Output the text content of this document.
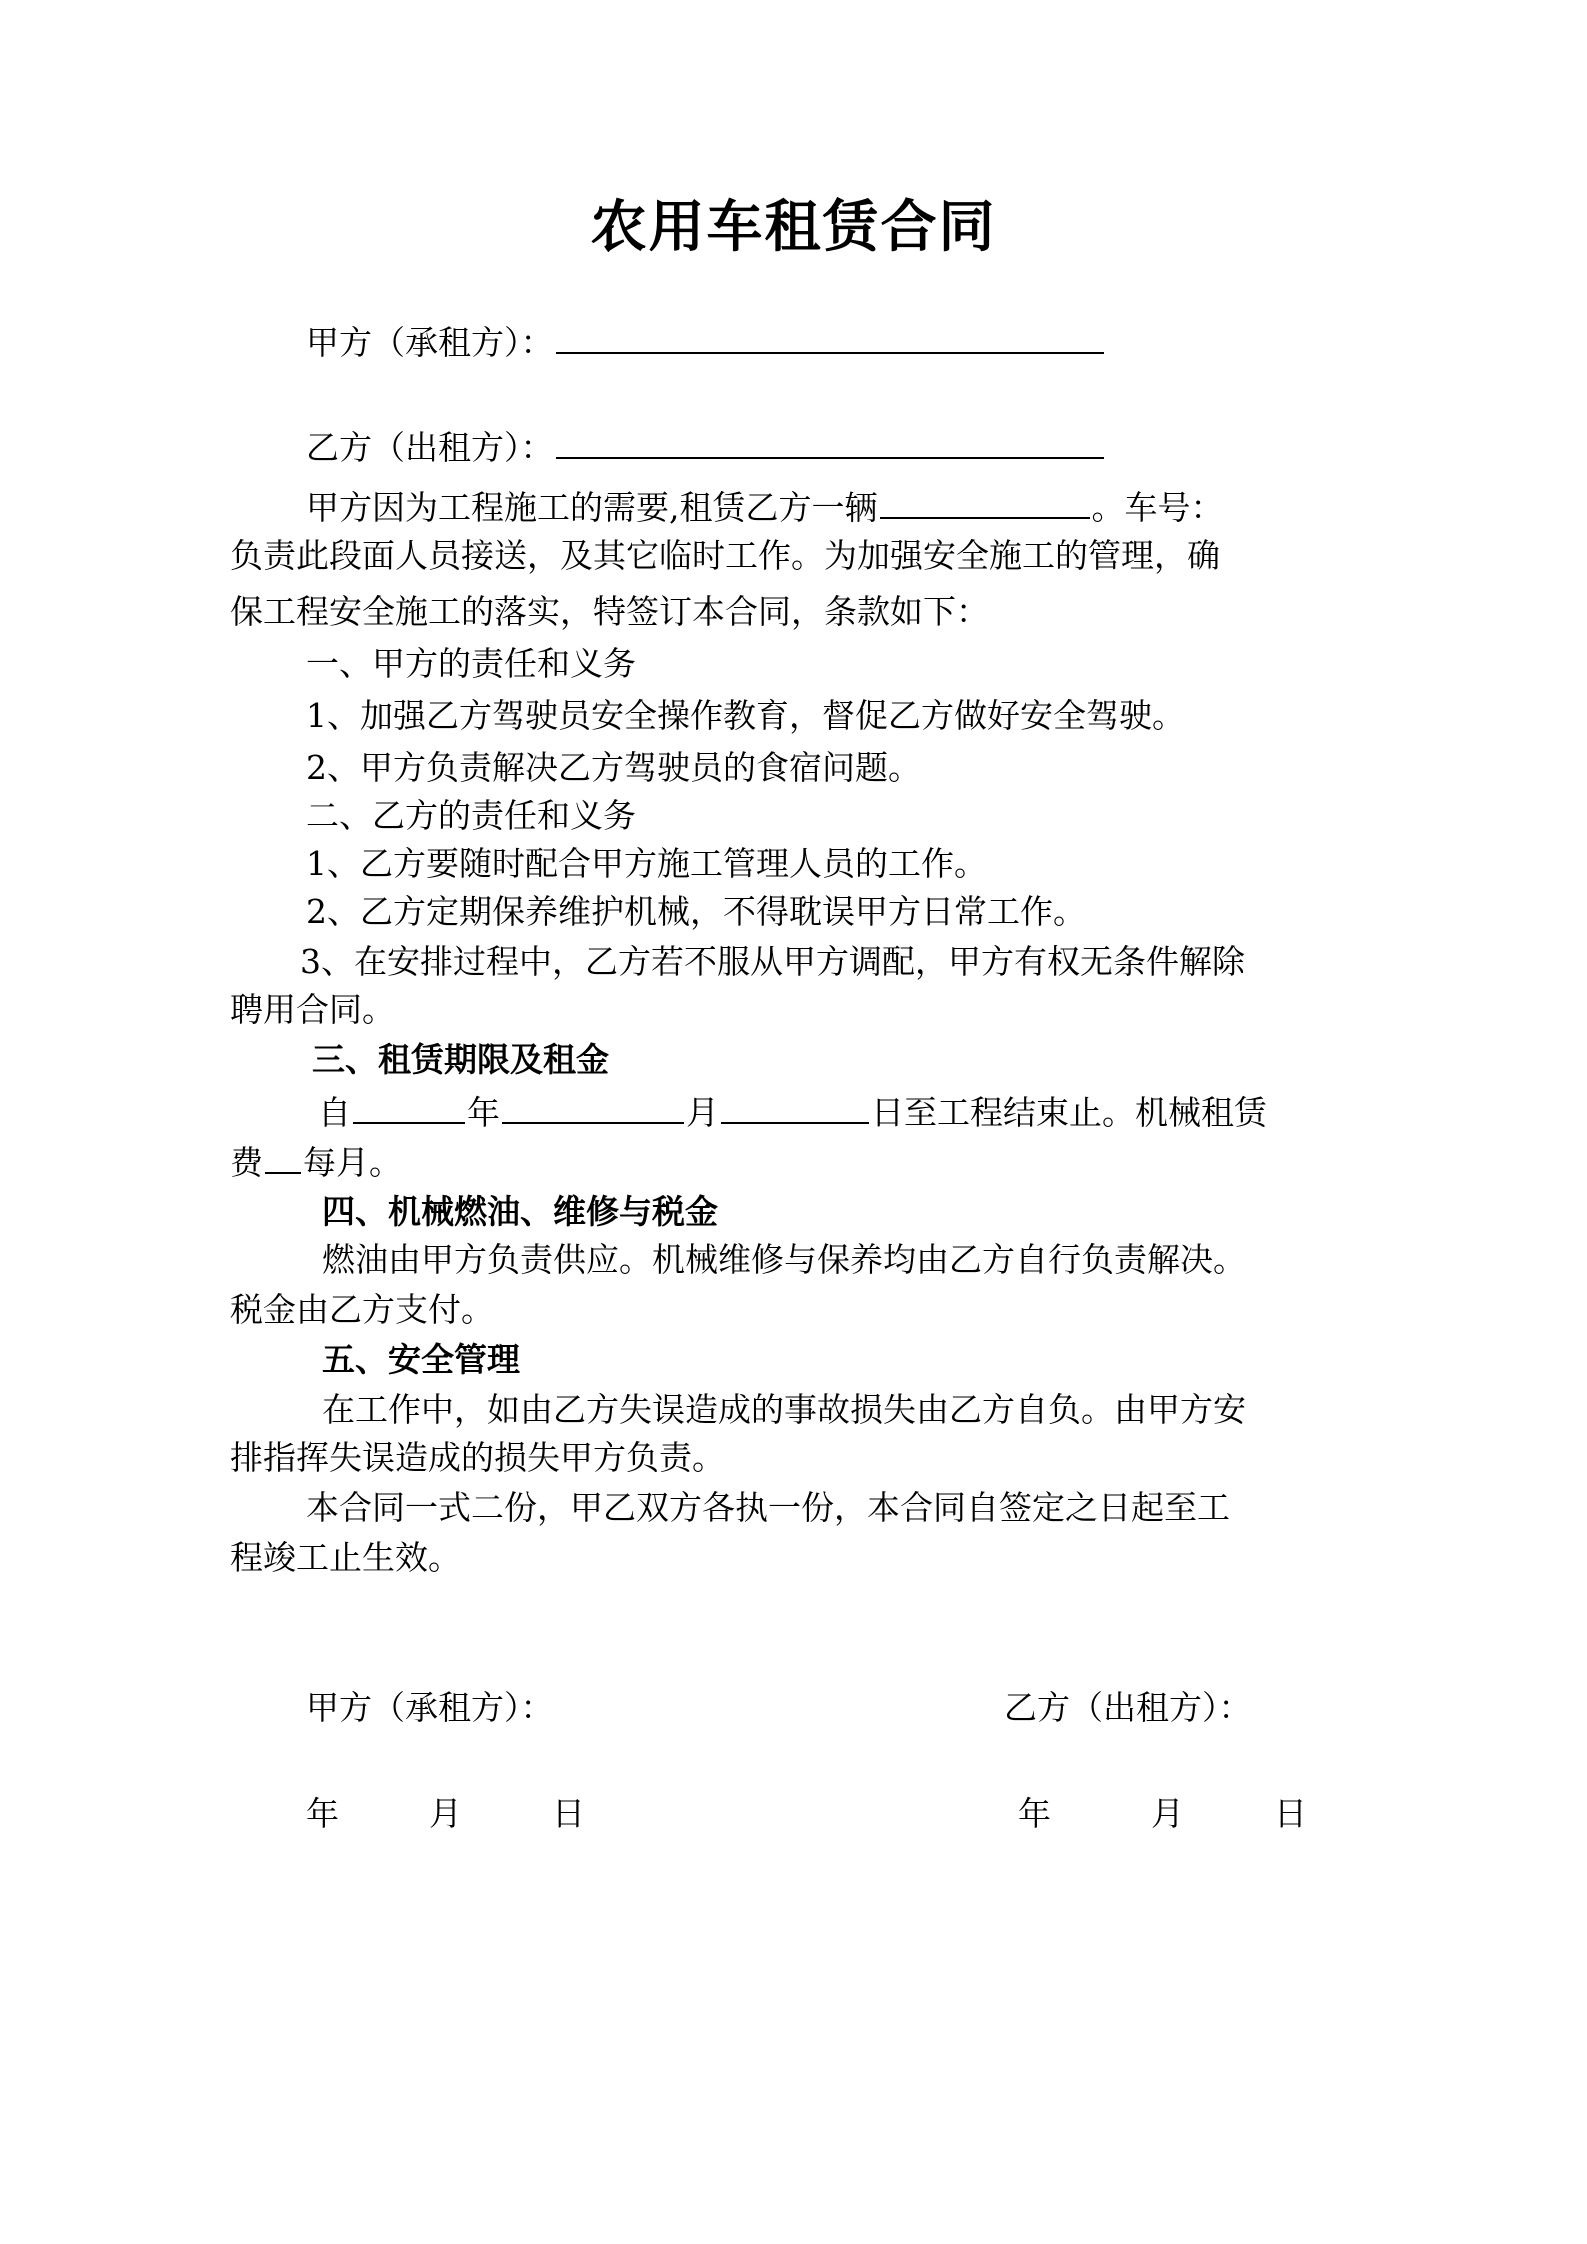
农用车租赁合同
甲方（承租方）：
乙方（出租方）：
甲方因为工程施工的需要,租赁乙方一辆	。车号：
负责此段面人员接送，及其它临时工作。为加强安全施工的管理，确
保工程安全施工的落实，特签订本合同，条款如下：
一、甲方的责任和义务
1、加强乙方驾驶员安全操作教育，督促乙方做好安全驾驶。
2、甲方负责解决乙方驾驶员的食宿问题。
二、乙方的责任和义务
1、乙方要随时配合甲方施工管理人员的工作。
2、乙方定期保养维护机械，不得耽误甲方日常工作。
3、在安排过程中，乙方若不服从甲方调配，甲方有权无条件解除
聘用合同。
三、租赁期限及租金
自	年	月	日至工程结束止。机械租赁
费 每月。
四、机械燃油、维修与税金
燃油由甲方负责供应。机械维修与保养均由乙方自行负责解决。
税金由乙方支付。
五、安全管理
在工作中，如由乙方失误造成的事故损失由乙方自负。由甲方安
排指挥失误造成的损失甲方负责。
本合同一式二份，甲乙双方各执一份，本合同自签定之日起至工
程竣工止生效。
甲方（承租方）：	乙方（出租方）：
年	月	日	年	月	日
